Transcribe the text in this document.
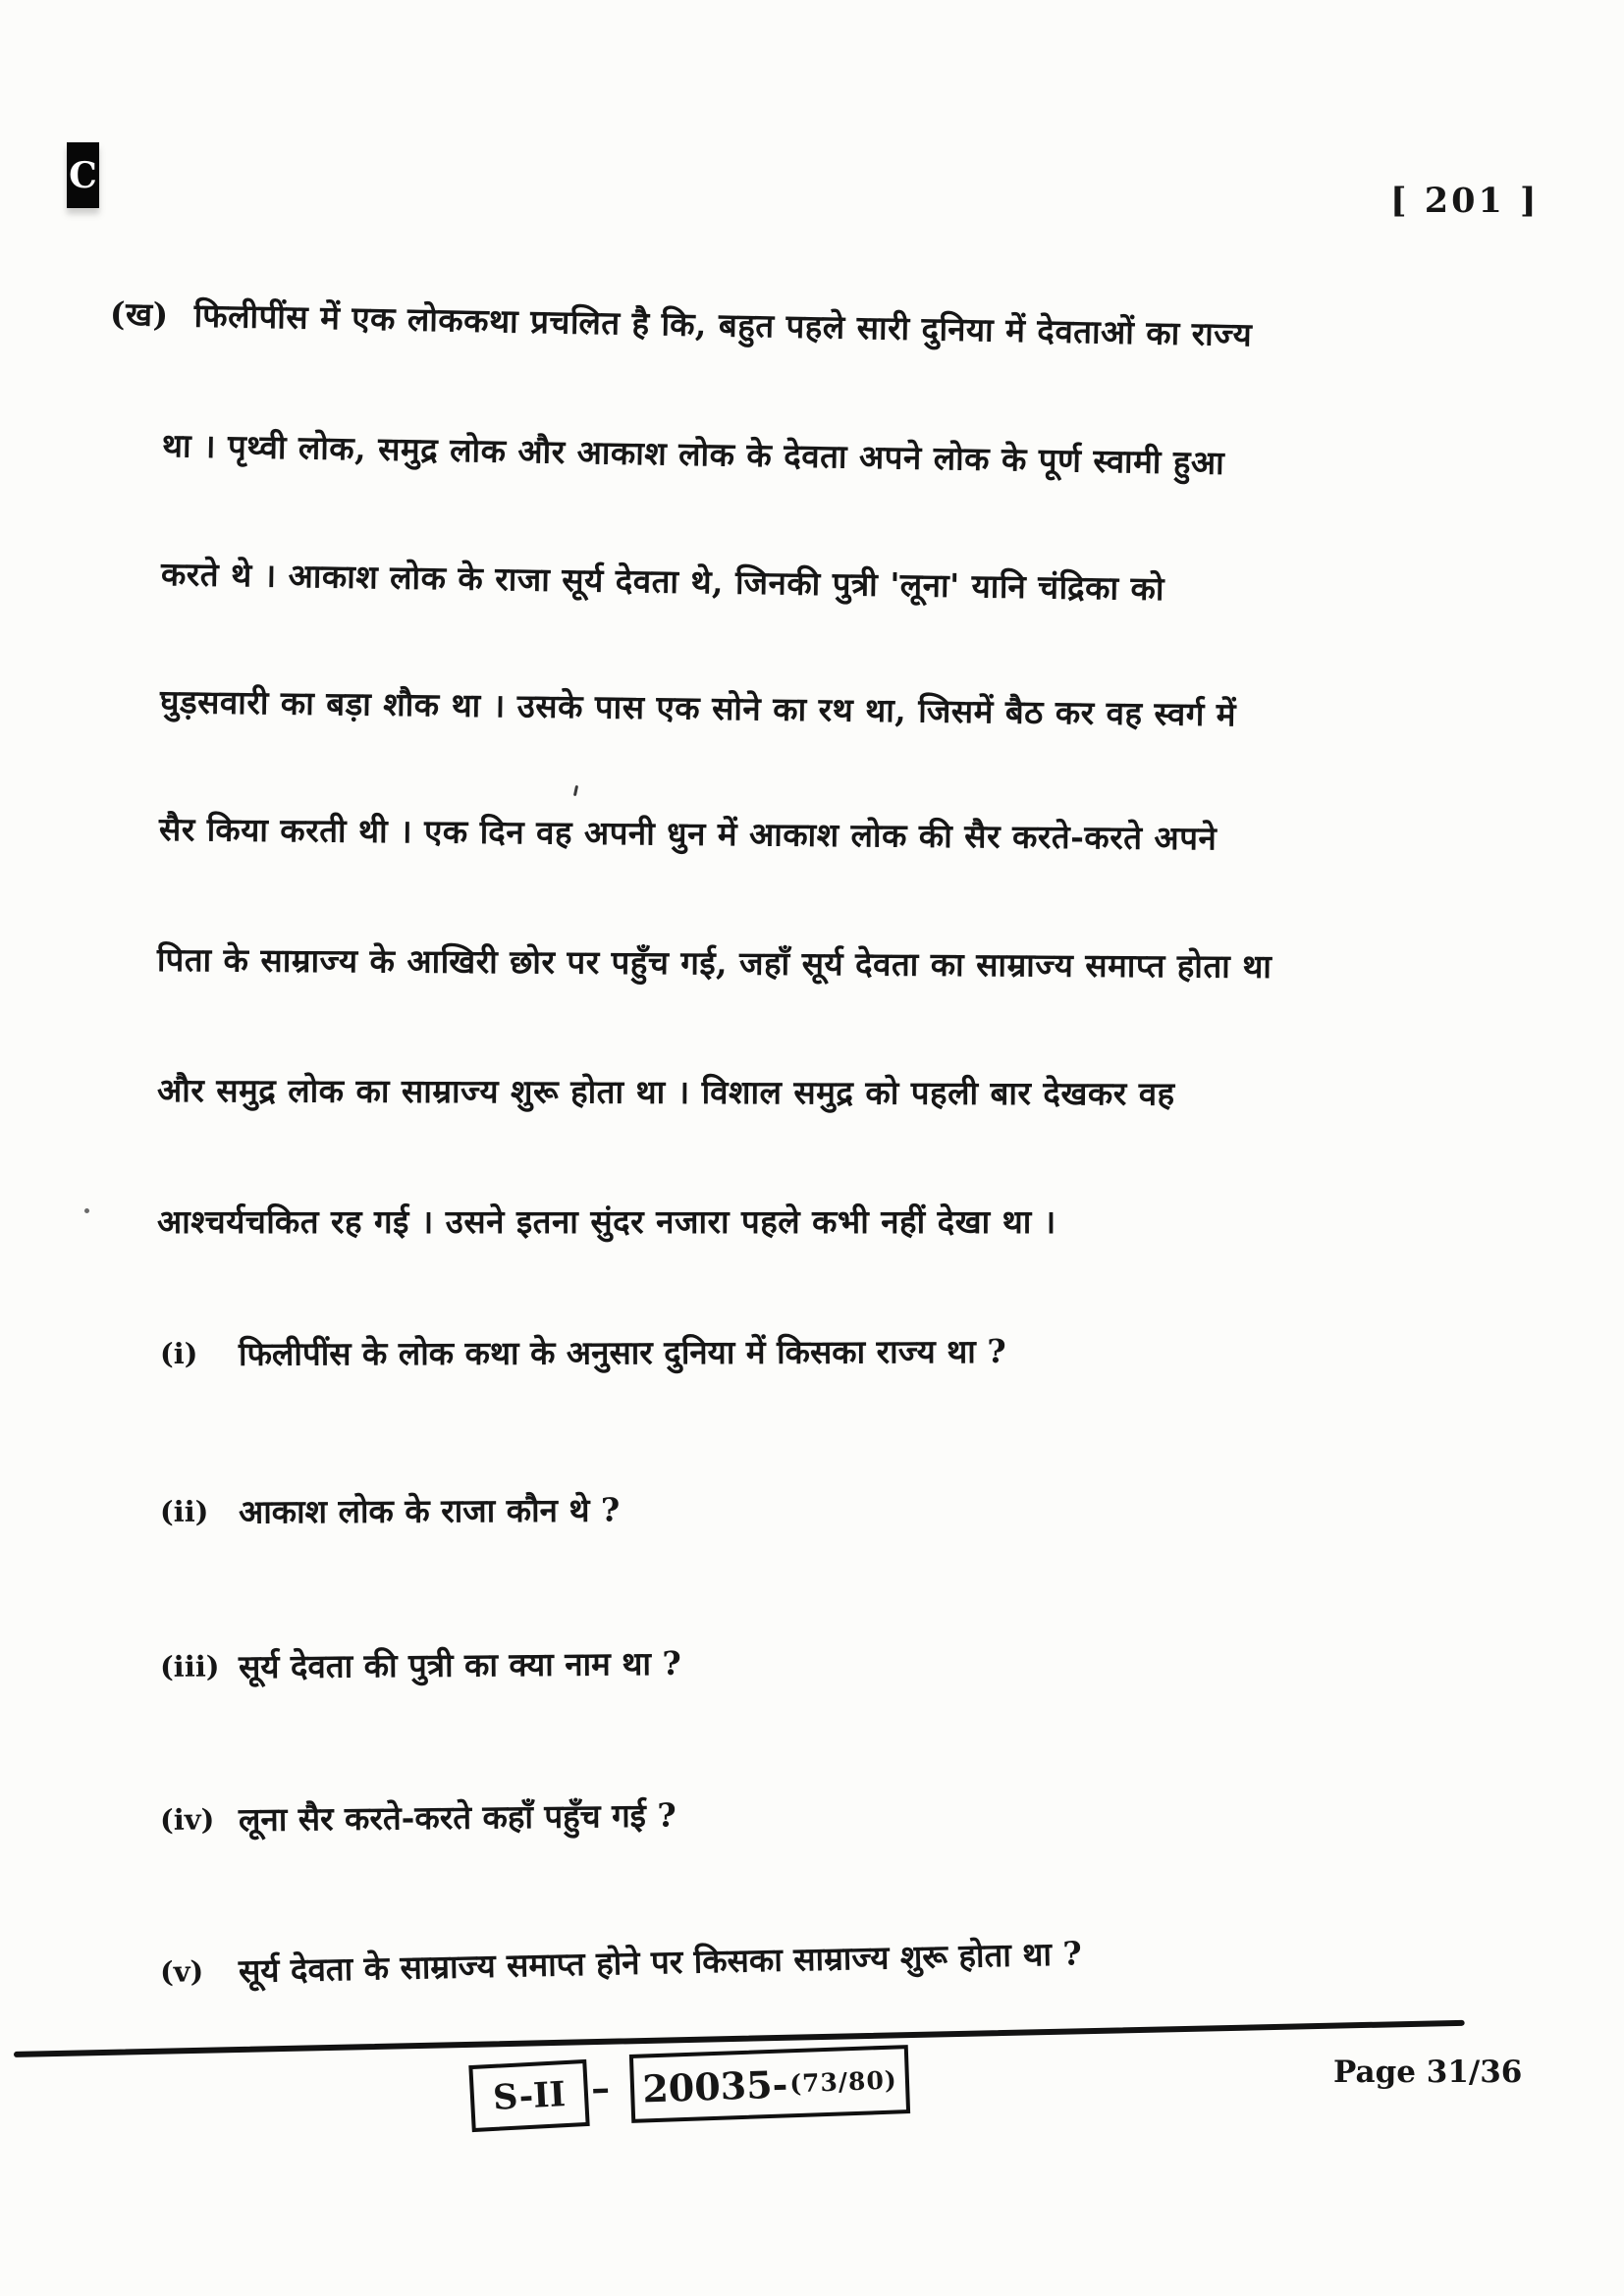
C
[ 201 ]
(ख) फिलीपींस में एक लोककथा प्रचलित है कि, बहुत पहले सारी दुनिया में देवताओं का राज्य
था । पृथ्वी लोक, समुद्र लोक और आकाश लोक के देवता अपने लोक के पूर्ण स्वामी हुआ
करते थे । आकाश लोक के राजा सूर्य देवता थे, जिनकी पुत्री 'लूना' यानि चंद्रिका को
घुड़सवारी का बड़ा शौक था । उसके पास एक सोने का रथ था, जिसमें बैठ कर वह स्वर्ग में
सैर किया करती थी । एक दिन वह अपनी धुन में आकाश लोक की सैर करते-करते अपने
पिता के साम्राज्य के आखिरी छोर पर पहुँच गई, जहाँ सूर्य देवता का साम्राज्य समाप्त होता था
और समुद्र लोक का साम्राज्य शुरू होता था । विशाल समुद्र को पहली बार देखकर वह
आश्चर्यचकित रह गई । उसने इतना सुंदर नजारा पहले कभी नहीं देखा था ।
(i) फिलीपींस के लोक कथा के अनुसार दुनिया में किसका राज्य था ?
(ii) आकाश लोक के राजा कौन थे ?
(iii) सूर्य देवता की पुत्री का क्या नाम था ?
(iv) लूना सैर करते-करते कहाँ पहुँच गई ?
(v) सूर्य देवता के साम्राज्य समाप्त होने पर किसका साम्राज्य शुरू होता था ?
S-II – 20035- (73/80)	Page 31/36
